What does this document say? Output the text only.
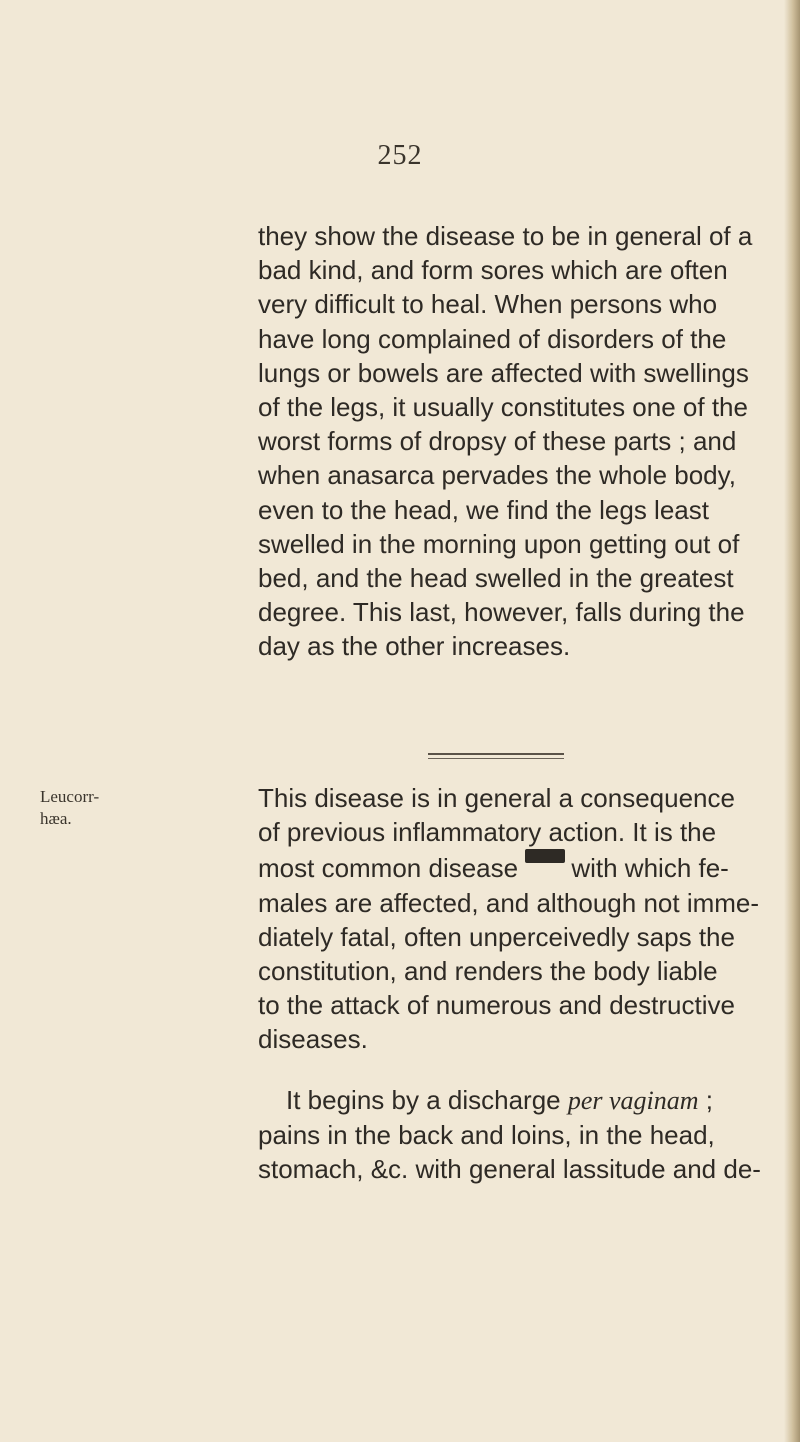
252
they show the disease to be in general of a
bad kind, and form sores which are often
very difficult to heal. When persons who
have long complained of disorders of the
lungs or bowels are affected with swellings
of the legs, it usually constitutes one of the
worst forms of dropsy of these parts ; and
when anasarca pervades the whole body,
even to the head, we find the legs least
swelled in the morning upon getting out of
bed, and the head swelled in the greatest
degree. This last, however, falls during the
day as the other increases.
Leucorr-
hæa.
This disease is in general a consequence
of previous inflammatory action. It is the
most common disease with which fe-
males are affected, and although not imme-
diately fatal, often unperceivedly saps the
constitution, and renders the body liable
to the attack of numerous and destructive
diseases.
It begins by a discharge per vaginam ;
pains in the back and loins, in the head,
stomach, &c. with general lassitude and de-
